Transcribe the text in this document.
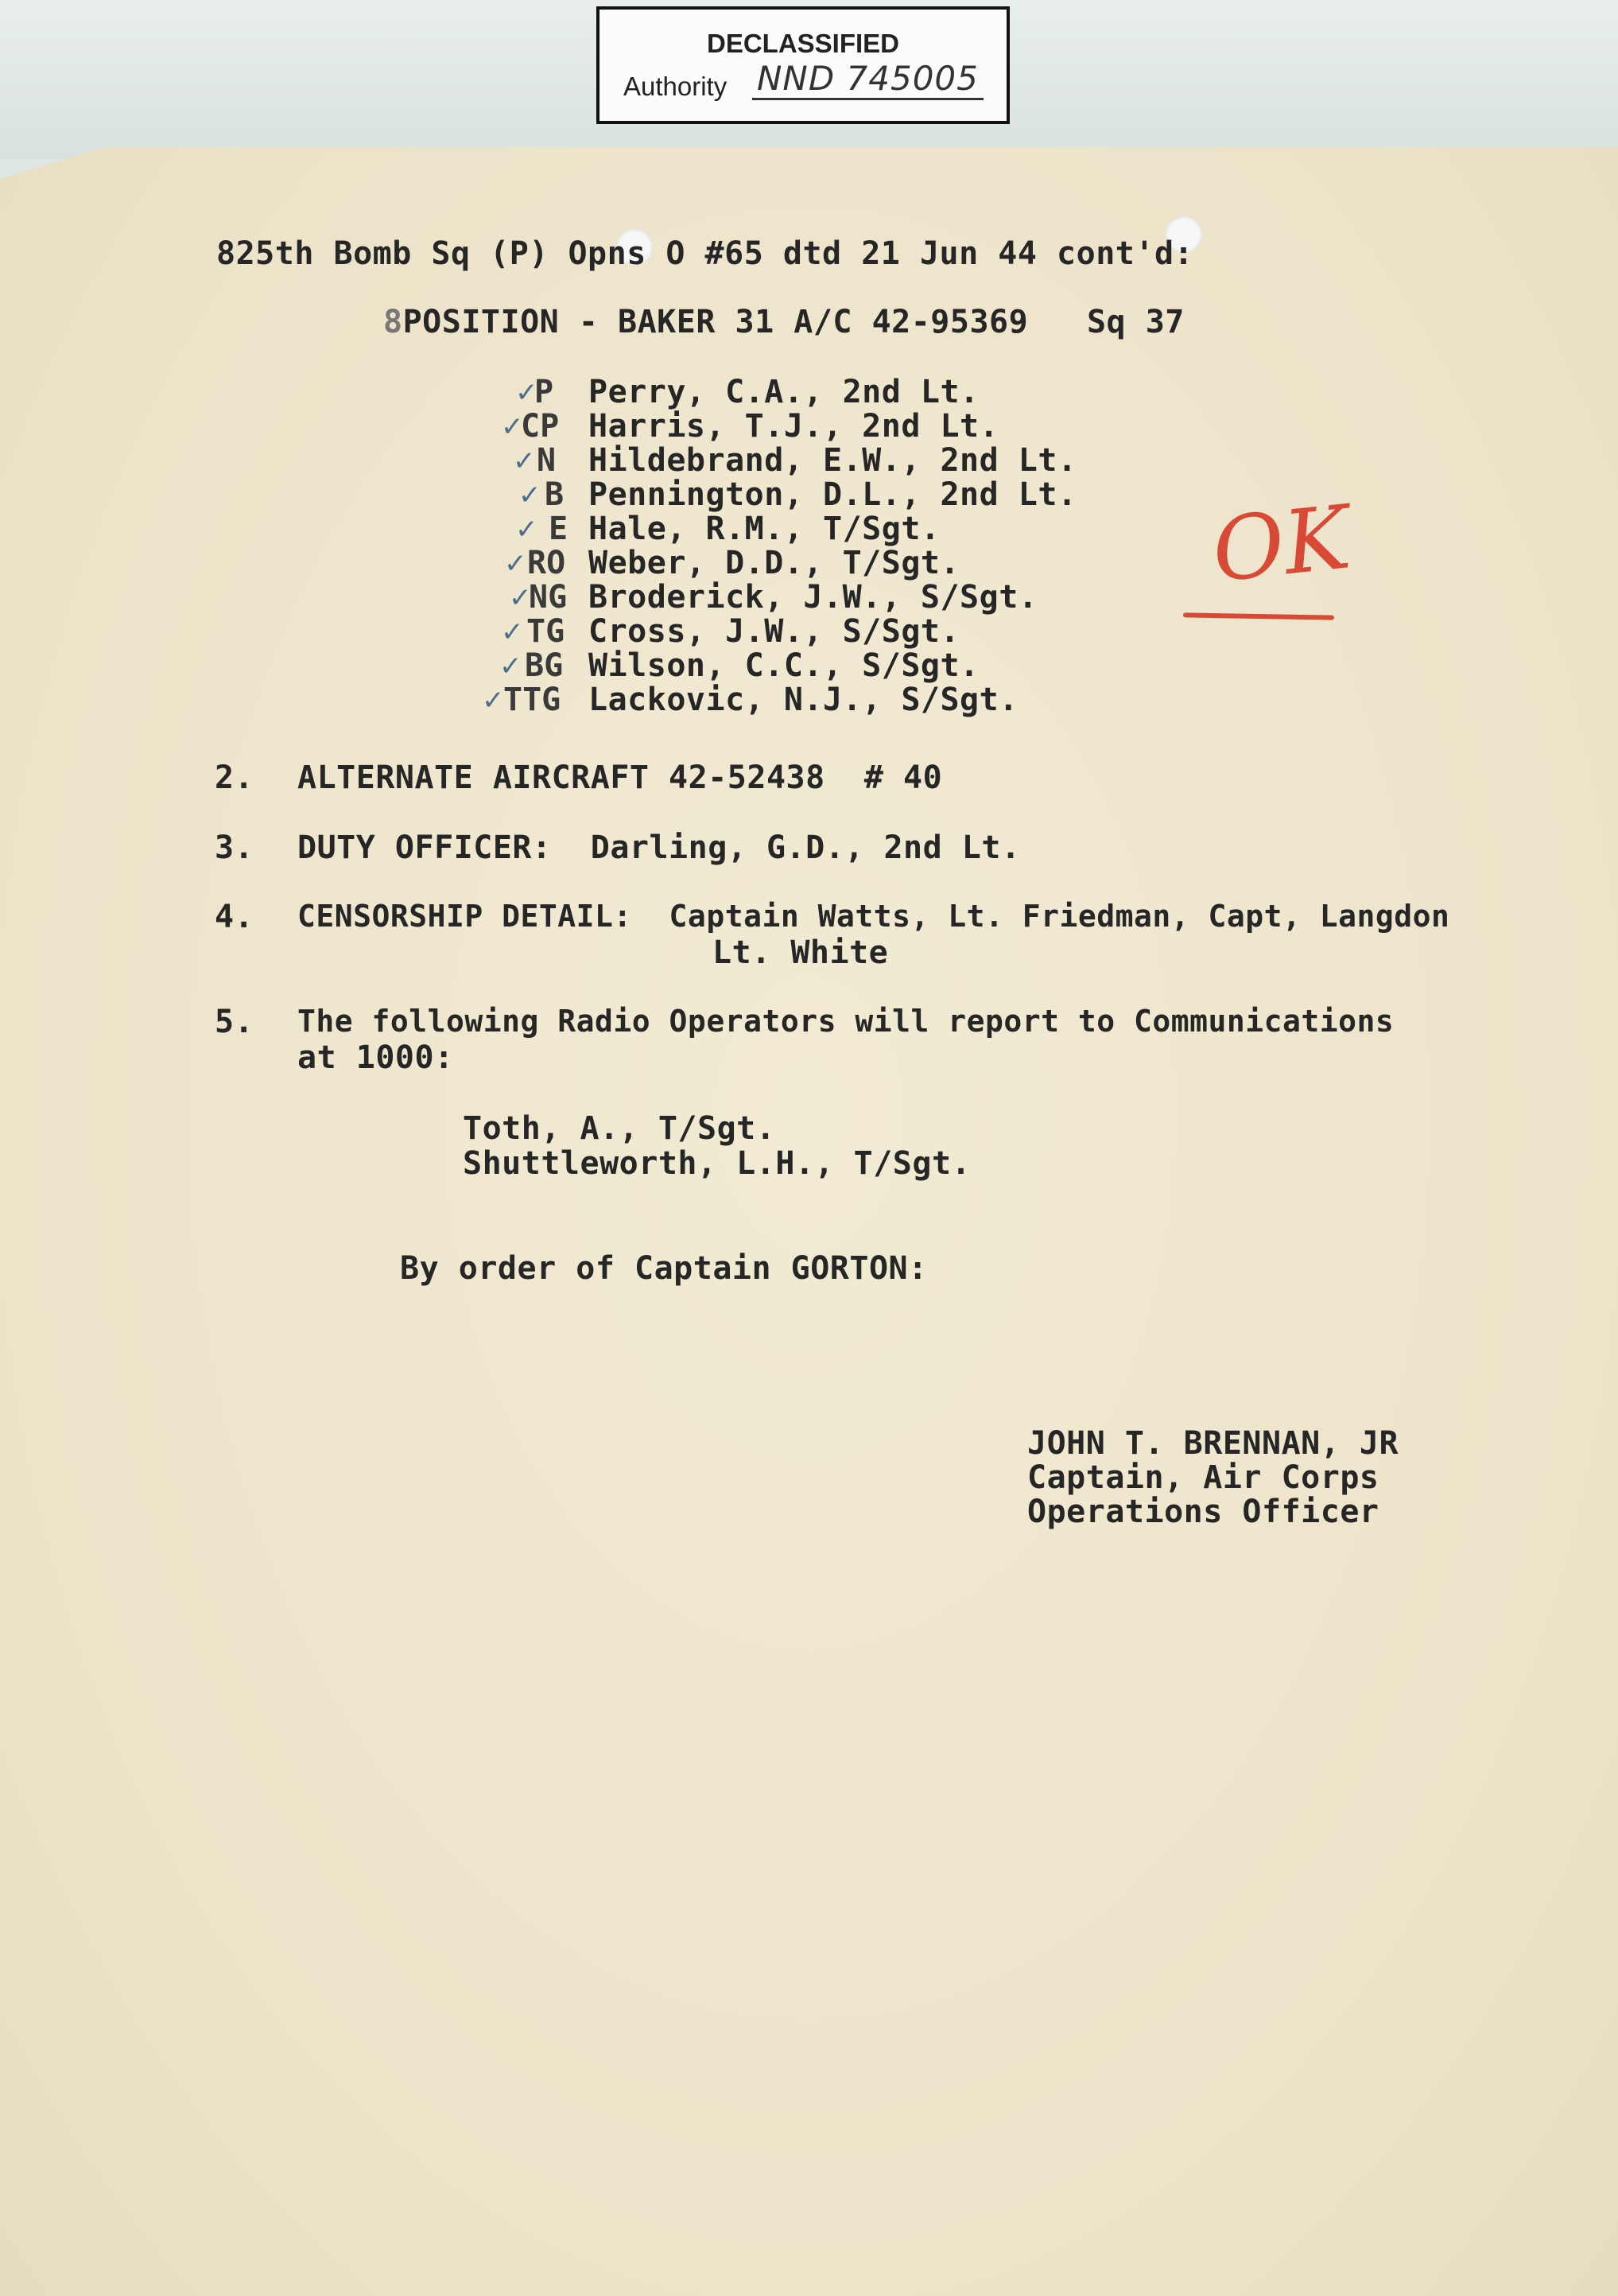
DECLASSIFIED
Authority NND 745005
825th Bomb Sq (P) Opns O #65 dtd 21 Jun 44 cont'd:
8POSITION - BAKER 31 A/C 42-95369   Sq 37
✓
P Perry, C.A., 2nd Lt.
✓
CP Harris, T.J., 2nd Lt.
✓ N Hildebrand, E.W., 2nd Lt.
✓ B Pennington, D.L., 2nd Lt.
✓ E Hale, R.M., T/Sgt.
✓ RO Weber, D.D., T/Sgt.
✓
NG Broderick, J.W., S/Sgt.
✓ TG Cross, J.W., S/Sgt.
✓ BG Wilson, C.C., S/Sgt.
✓
TTG Lackovic, N.J., S/Sgt.
OK
2. ALTERNATE AIRCRAFT 42-52438  # 40
3. DUTY OFFICER:  Darling, G.D., 2nd Lt.
4. CENSORSHIP DETAIL:  Captain Watts, Lt. Friedman, Capt, Langdon
Lt. White
5. The following Radio Operators will report to Communications
at 1000:
Toth, A., T/Sgt.
Shuttleworth, L.H., T/Sgt.
By order of Captain GORTON:
JOHN T. BRENNAN, JR
Captain, Air Corps
Operations Officer
